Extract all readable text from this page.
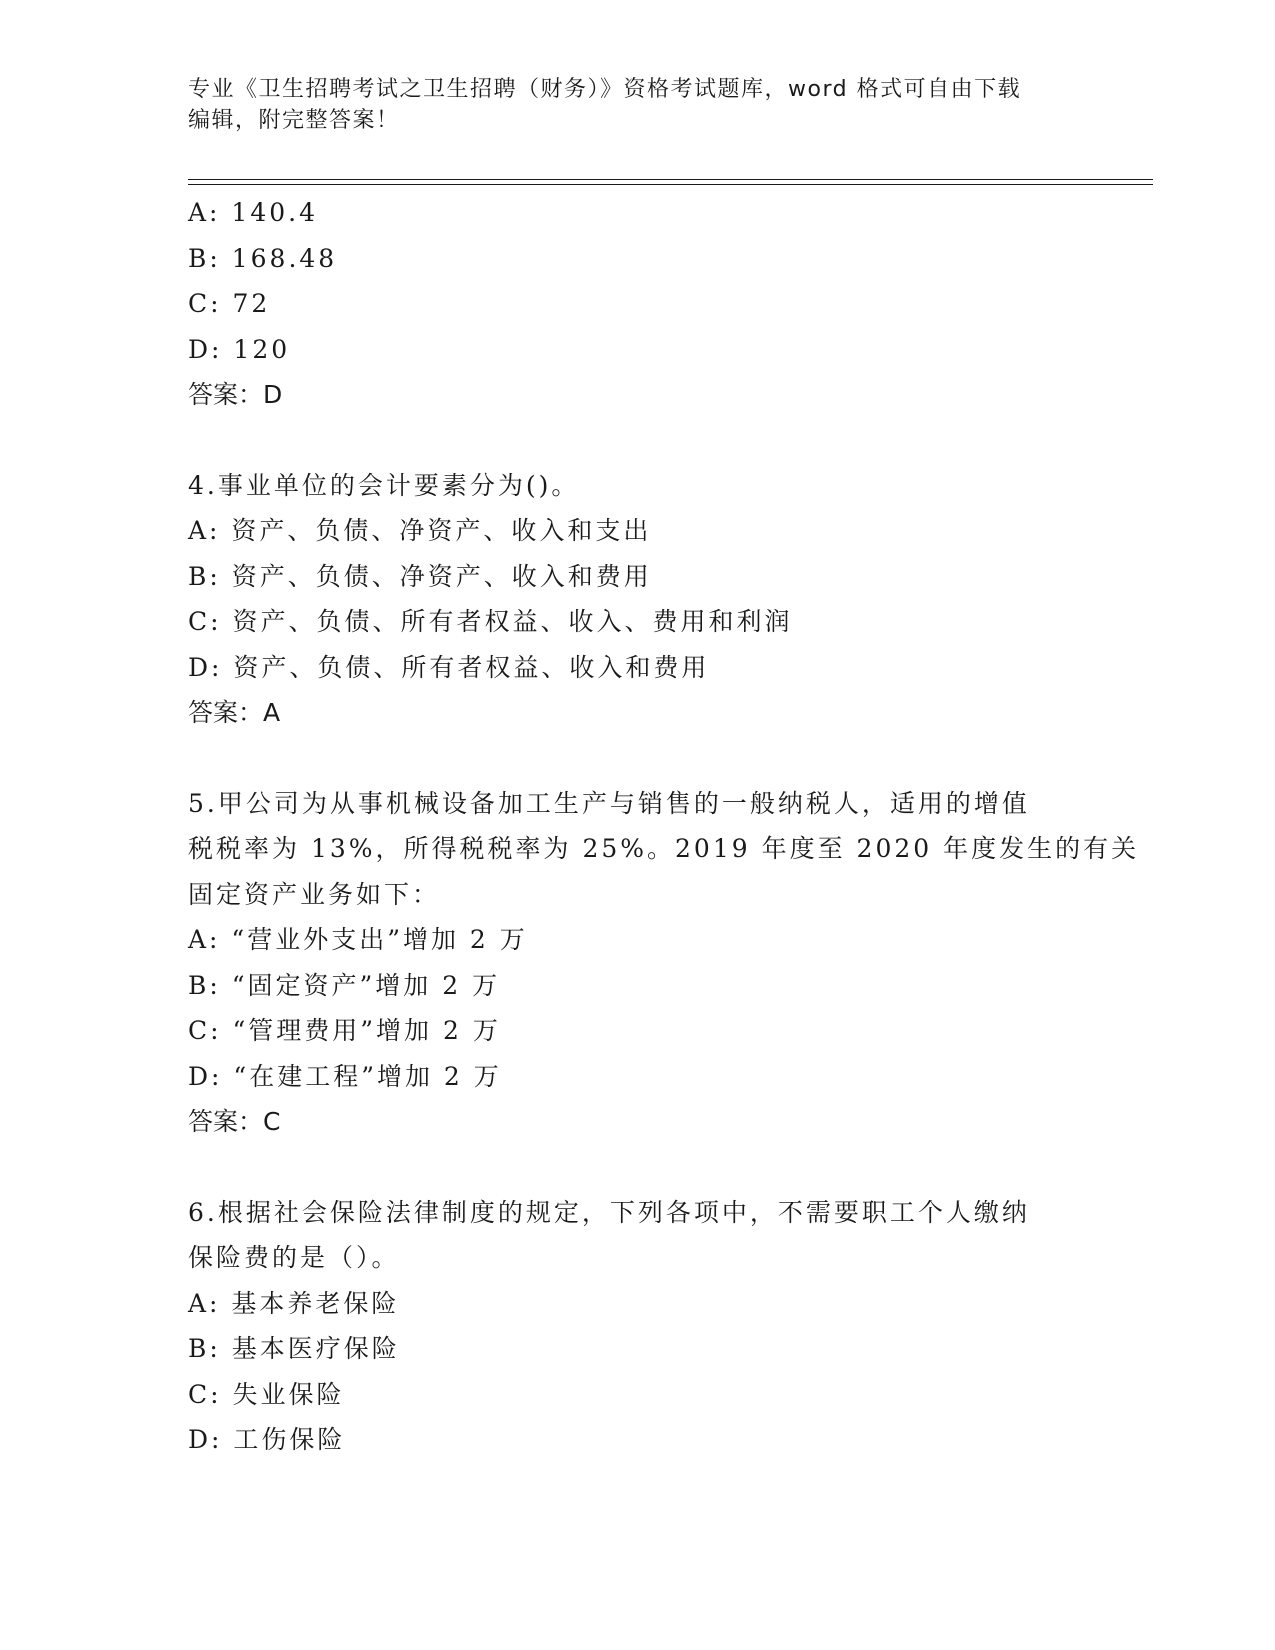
专业《卫生招聘考试之卫生招聘（财务）》资格考试题库，word 格式可自由下载
编辑，附完整答案！
A: 140.4
B: 168.48
C: 72
D: 120
答案：D
4.事业单位的会计要素分为()。
A: 资产、负债、净资产、收入和支出
B: 资产、负债、净资产、收入和费用
C: 资产、负债、所有者权益、收入、费用和利润
D: 资产、负债、所有者权益、收入和费用
答案：A
5.甲公司为从事机械设备加工生产与销售的一般纳税人，适用的增值
税税率为 13%，所得税税率为 25%。2019 年度至 2020 年度发生的有关
固定资产业务如下：
A: “营业外支出”增加 2 万
B: “固定资产”增加 2 万
C: “管理费用”增加 2 万
D: “在建工程”增加 2 万
答案：C
6.根据社会保险法律制度的规定，下列各项中，不需要职工个人缴纳
保险费的是（）。
A: 基本养老保险
B: 基本医疗保险
C: 失业保险
D: 工伤保险
